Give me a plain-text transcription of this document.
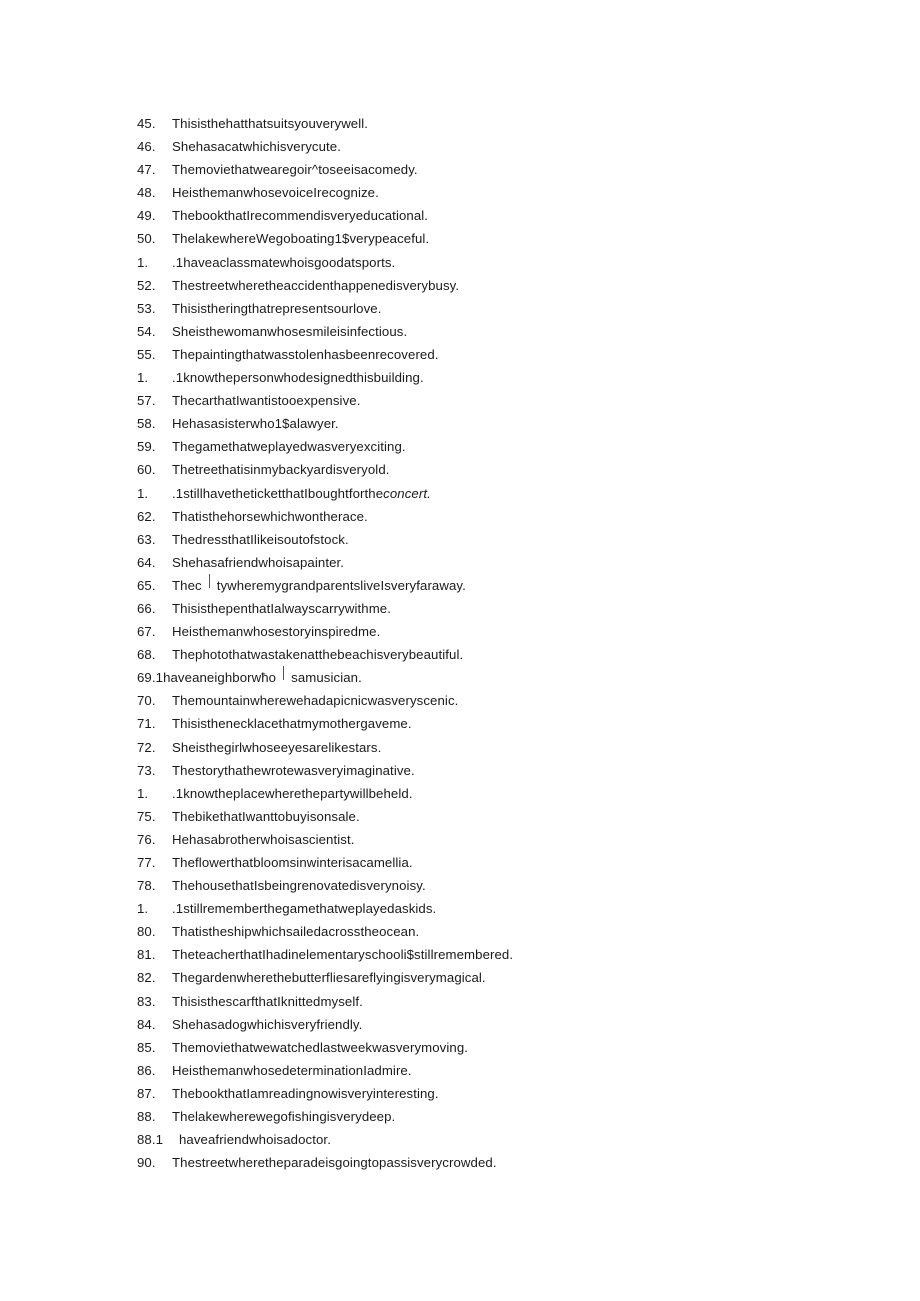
45.	Thisisthehatthatsuitsyouverywell.
46.	Shehasacatwhichisverycute.
47.	Themoviethatwearegoir^toseeisacomedy.
48.	HeisthemanwhosevoiceIrecognize.
49.	ThebookthatIrecommendisveryeducational.
50.	ThelakewhereWegoboating1$verypeaceful.
1.	.1haveaclassmatewhoisgoodatsports.
52.	Thestreetwheretheaccidenthappenedisverybusy.
53.	Thisistheringthatrepresentsourlove.
54.	Sheisthewomanwhosesmileisinfectious.
55.	Thepaintingthatwasstolenhasbeenrecovered.
1.	.1knowthepersonwhodesignedthisbuilding.
57.	ThecarthatIwantistooexpensive.
58.	Hehasasisterwho1$alawyer.
59.	Thegamethatweplayedwasveryexciting.
60.	Thetreethatisinmybackyardisveryold.
1.	.1stillhavetheticketthatIboughtforthe concert.
62.	Thatisthehorsewhichwontherace.
63.	ThedressthatIlikeisoutofstock.
64.	Shehasafriendwhoisapainter.
65.	Thec tywheremygrandparentsliveIsveryfaraway.
66.	ThisisthepenthatIalwayscarrywithme.
67.	Heisthemanwhosestoryinspiredme.
68.	Thephotothatwastakenatthebeachisverybeautiful.
69.1haveaneighborwħo samusician.
70.	Themountainwherewehadapicnicwasveryscenic.
71.	Thisisthenecklacethatmymothergaveme.
72.	Sheisthegirlwhoseeyesarelikestars.
73.	Thestorythathewrotewasveryimaginative.
1.	.1knowtheplacewherethepartywillbeheld.
75.	ThebikethatIwanttobuyisonsale.
76.	Hehasabrotherwhoisascientist.
77.	Theflowerthatbloomsinwinterisacamellia.
78.	ThehousethatIsbeingrenovatedisverynoisy.
1.	.1stillrememberthegamethatweplayedaskids.
80.	Thatistheshipwhichsailedacrosstheocean.
81.	TheteacherthatIhadinelementaryschooli$stillremembered.
82.	Thegardenwherethebutterfliesareflyingisverymagical.
83.	ThisisthescarfthatIknittedmyself.
84.	Shehasadogwhichisveryfriendly.
85.	Themoviethatwewatchedlastweekwasverymoving.
86.	HeisthemanwhosedeterminationIadmire.
87.	ThebookthatIamreadingnowisveryinteresting.
88.	Thelakewherewegofishingisverydeep.
88.1	haveafriendwhoisadoctor.
90.	Thestreetwheretheparadeisgoingtopassisverycrowded.
